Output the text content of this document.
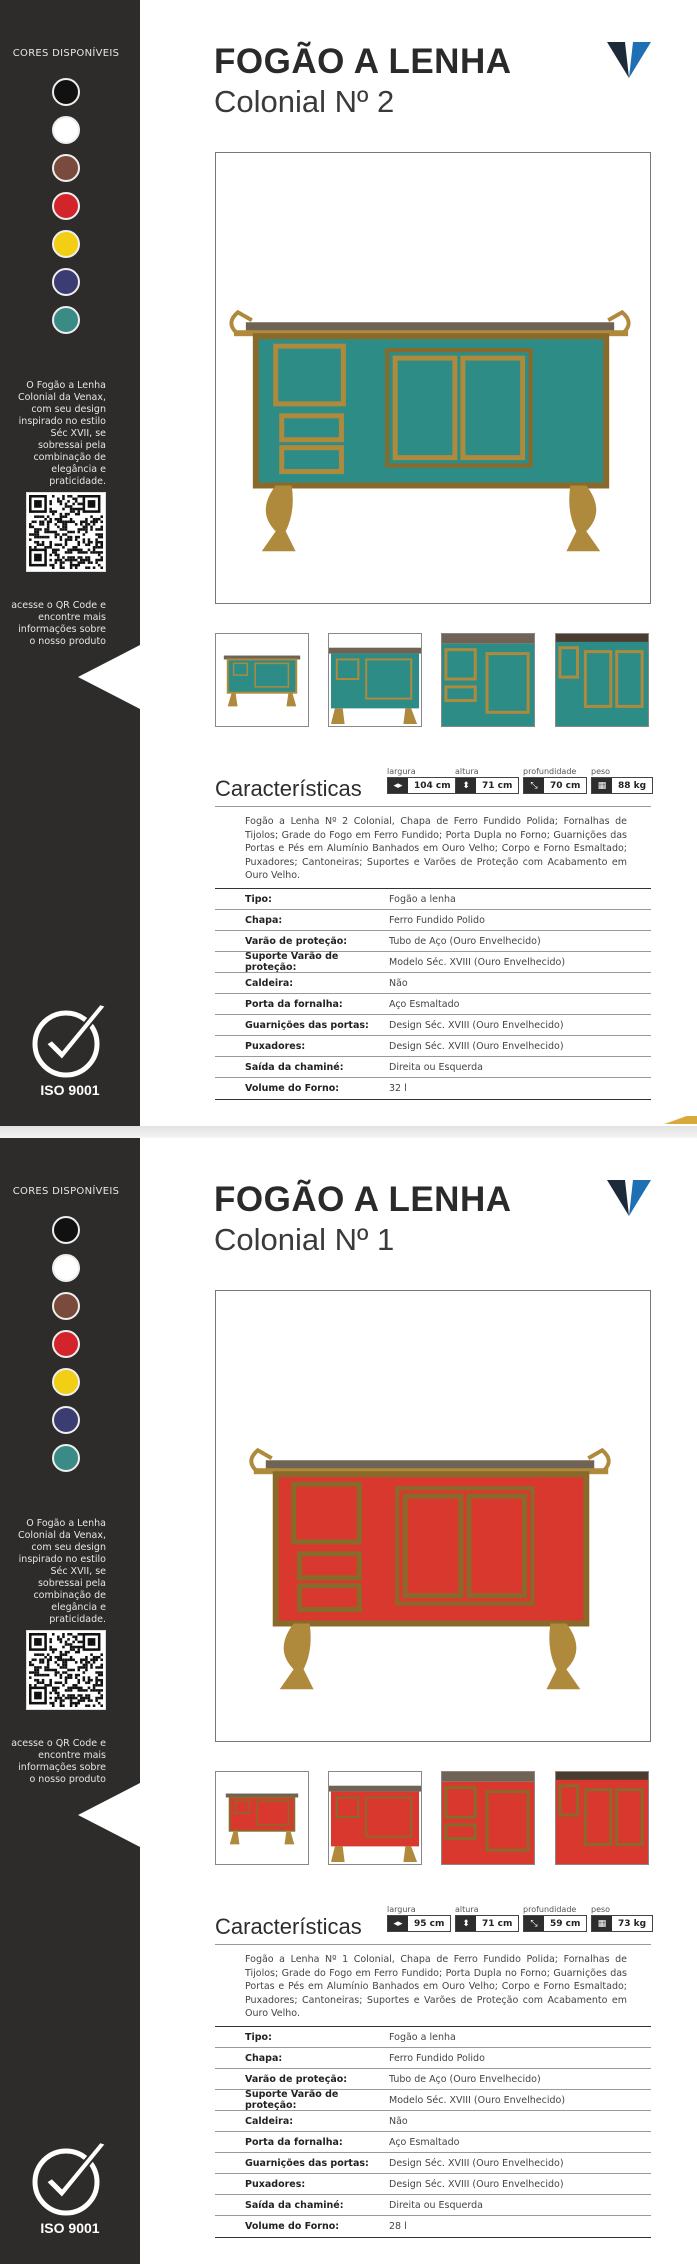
CORES DISPONÍVEIS
O Fogão a Lenha Colonial da Venax, com seu design inspirado no estilo Séc XVII, se sobressai pela combinação de elegância e praticidade.
acesse o QR Code e encontre mais informações sobre o nosso produto
ISO 9001
FOGÃO A LENHA
Colonial Nº 2
Características
largura
◂▸	104 cm
altura
⬍	71 cm
profundidade
⤡	70 cm
peso
▦	88 kg
Fogão a Lenha Nº 2 Colonial, Chapa de Ferro Fundido Polida; Fornalhas de Tijolos; Grade do Fogo em Ferro Fundido; Porta Dupla no Forno; Guarnições das Portas e Pés em Alumínio Banhados em Ouro Velho; Corpo e Forno Esmaltado; Puxadores; Cantoneiras; Suportes e Varões de Proteção com Acabamento em Ouro Velho.
Tipo:	Fogão a lenha
Chapa:	Ferro Fundido Polido
Varão de proteção:	Tubo de Aço (Ouro Envelhecido)
Suporte Varão de proteção:	Modelo Séc. XVIII (Ouro Envelhecido)
Caldeira:	Não
Porta da fornalha:	Aço Esmaltado
Guarnições das portas:	Design Séc. XVIII (Ouro Envelhecido)
Puxadores:	Design Séc. XVIII (Ouro Envelhecido)
Saída da chaminé:	Direita ou Esquerda
Volume do Forno:	32 l
CORES DISPONÍVEIS
O Fogão a Lenha Colonial da Venax, com seu design inspirado no estilo Séc XVII, se sobressai pela combinação de elegância e praticidade.
acesse o QR Code e encontre mais informações sobre o nosso produto
ISO 9001
FOGÃO A LENHA
Colonial Nº 1
Características
largura
◂▸	95 cm
altura
⬍	71 cm
profundidade
⤡	59 cm
peso
▦	73 kg
Fogão a Lenha Nº 1 Colonial, Chapa de Ferro Fundido Polida; Fornalhas de Tijolos; Grade do Fogo em Ferro Fundido; Porta Dupla no Forno; Guarnições das Portas e Pés em Alumínio Banhados em Ouro Velho; Corpo e Forno Esmaltado; Puxadores; Cantoneiras; Suportes e Varões de Proteção com Acabamento em Ouro Velho.
Tipo:	Fogão a lenha
Chapa:	Ferro Fundido Polido
Varão de proteção:	Tubo de Aço (Ouro Envelhecido)
Suporte Varão de proteção:	Modelo Séc. XVIII (Ouro Envelhecido)
Caldeira:	Não
Porta da fornalha:	Aço Esmaltado
Guarnições das portas:	Design Séc. XVIII (Ouro Envelhecido)
Puxadores:	Design Séc. XVIII (Ouro Envelhecido)
Saída da chaminé:	Direita ou Esquerda
Volume do Forno:	28 l
